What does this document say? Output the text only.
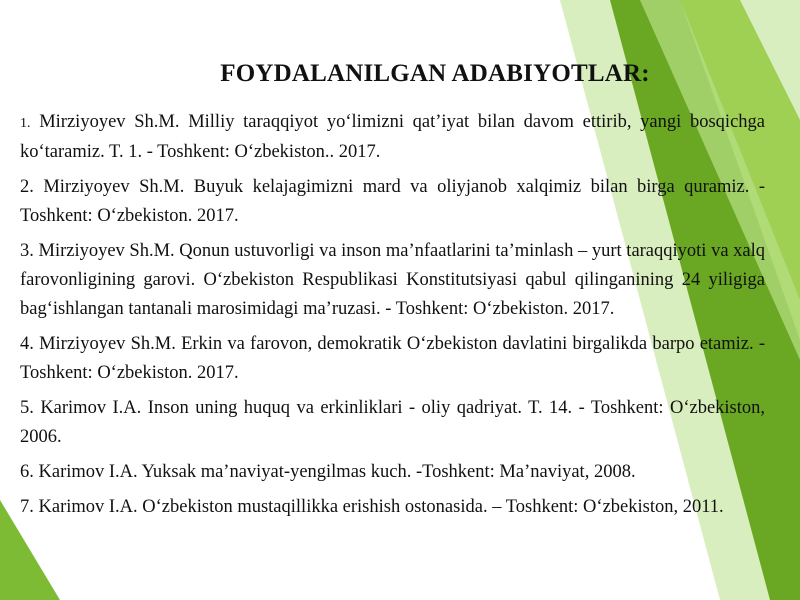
FOYDALANILGAN ADABIYOTLAR:

1. Mirziyoyev Sh.M. Milliy taraqqiyot yo‘limizni qat’iyat bilan davom ettirib, yangi bosqichga ko‘taramiz. T. 1. - Toshkent: O‘zbekiston.. 2017.

2. Mirziyoyev Sh.M. Buyuk kelajagimizni mard va oliyjanob xalqimiz bilan birga quramiz. - Toshkent: O‘zbekiston. 2017.

3. Mirziyoyev Sh.M. Qonun ustuvorligi va inson ma’nfaatlarini ta’minlash – yurt taraqqiyoti va xalq farovonligining garovi. O‘zbekiston Respublikasi Konstitutsiyasi qabul qilinganining 24 yiligiga bag‘ishlangan tantanali marosimidagi ma’ruzasi. - Toshkent: O‘zbekiston. 2017.

4. Mirziyoyev Sh.M. Erkin va farovon, demokratik O‘zbekiston davlatini birgalikda barpo etamiz. - Toshkent: O‘zbekiston. 2017.

5. Karimov I.A. Inson uning huquq va erkinliklari - oliy qadriyat. T. 14. - Toshkent: O‘zbekiston, 2006.

6. Karimov I.A. Yuksak ma’naviyat-yengilmas kuch. -Toshkent: Ma’naviyat, 2008.

7. Karimov I.A. O‘zbekiston mustaqillikka erishish ostonasida. – Toshkent: O‘zbekiston, 2011.
